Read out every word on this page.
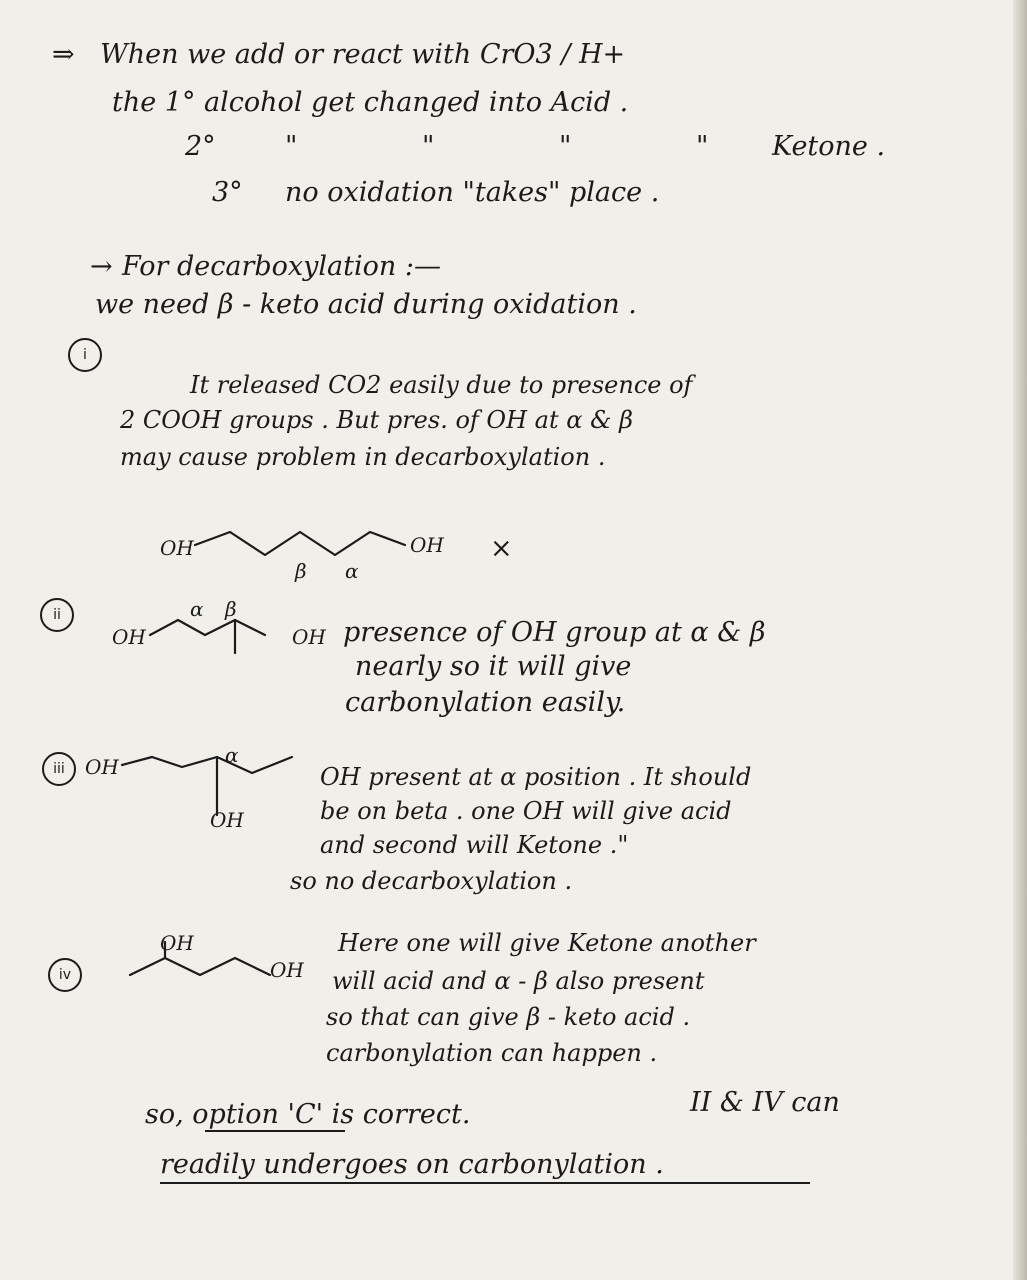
⇒ When we add or react with CrO3 / H+
the 1° alcohol get changed into Acid .
2°	" " " " Ketone .
3° no oxidation "takes" place .
→ For decarboxylation :—
we need β - keto acid during oxidation .
i
It released CO2 easily due to presence of
2 COOH groups . But pres. of OH at α & β
may cause problem in decarboxylation .
OH	OH
β α
×
ii
OH	OH
α β
presence of OH group at α & β
nearly so it will give
carbonylation easily.
iii OH
OH
α
OH present at α position . It should
be on beta . one OH will give acid
and second will Ketone ."
so no decarboxylation .
iv
OH
OH
Here one will give Ketone another
will acid and α - β also present
so that can give β - keto acid .
carbonylation can happen .
so, option 'C' is correct.	II & IV can
readily undergoes on carbonylation .
